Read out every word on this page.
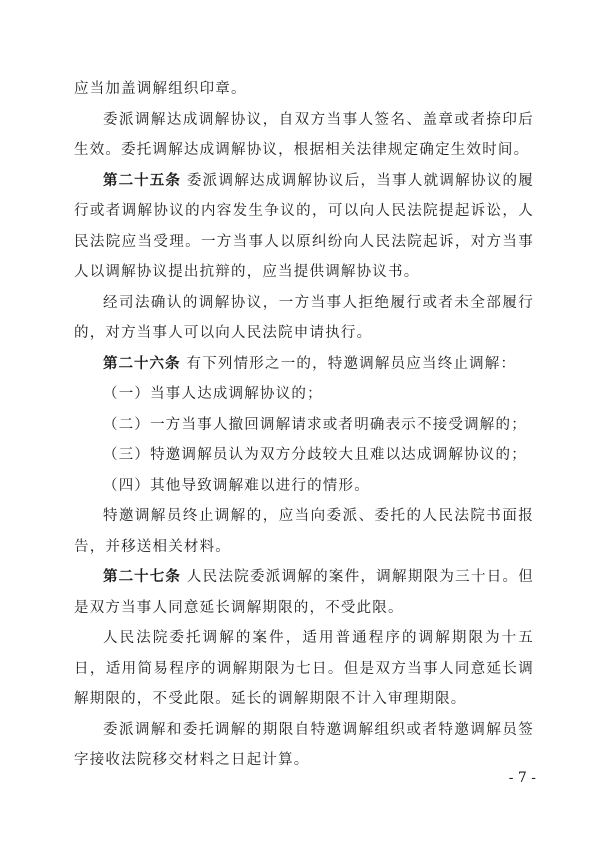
应当加盖调解组织印章。

委派调解达成调解协议，自双方当事人签名、盖章或者捺印后生效。委托调解达成调解协议，根据相关法律规定确定生效时间。

第二十五条 委派调解达成调解协议后，当事人就调解协议的履行或者调解协议的内容发生争议的，可以向人民法院提起诉讼，人民法院应当受理。一方当事人以原纠纷向人民法院起诉，对方当事人以调解协议提出抗辩的，应当提供调解协议书。

经司法确认的调解协议，一方当事人拒绝履行或者未全部履行的，对方当事人可以向人民法院申请执行。

第二十六条 有下列情形之一的，特邀调解员应当终止调解：

（一）当事人达成调解协议的；

（二）一方当事人撤回调解请求或者明确表示不接受调解的；

（三）特邀调解员认为双方分歧较大且难以达成调解协议的；

（四）其他导致调解难以进行的情形。

特邀调解员终止调解的，应当向委派、委托的人民法院书面报告，并移送相关材料。

第二十七条 人民法院委派调解的案件，调解期限为三十日。但是双方当事人同意延长调解期限的，不受此限。

人民法院委托调解的案件，适用普通程序的调解期限为十五日，适用简易程序的调解期限为七日。但是双方当事人同意延长调解期限的，不受此限。延长的调解期限不计入审理期限。

委派调解和委托调解的期限自特邀调解组织或者特邀调解员签字接收法院移交材料之日起计算。

- 7 -
